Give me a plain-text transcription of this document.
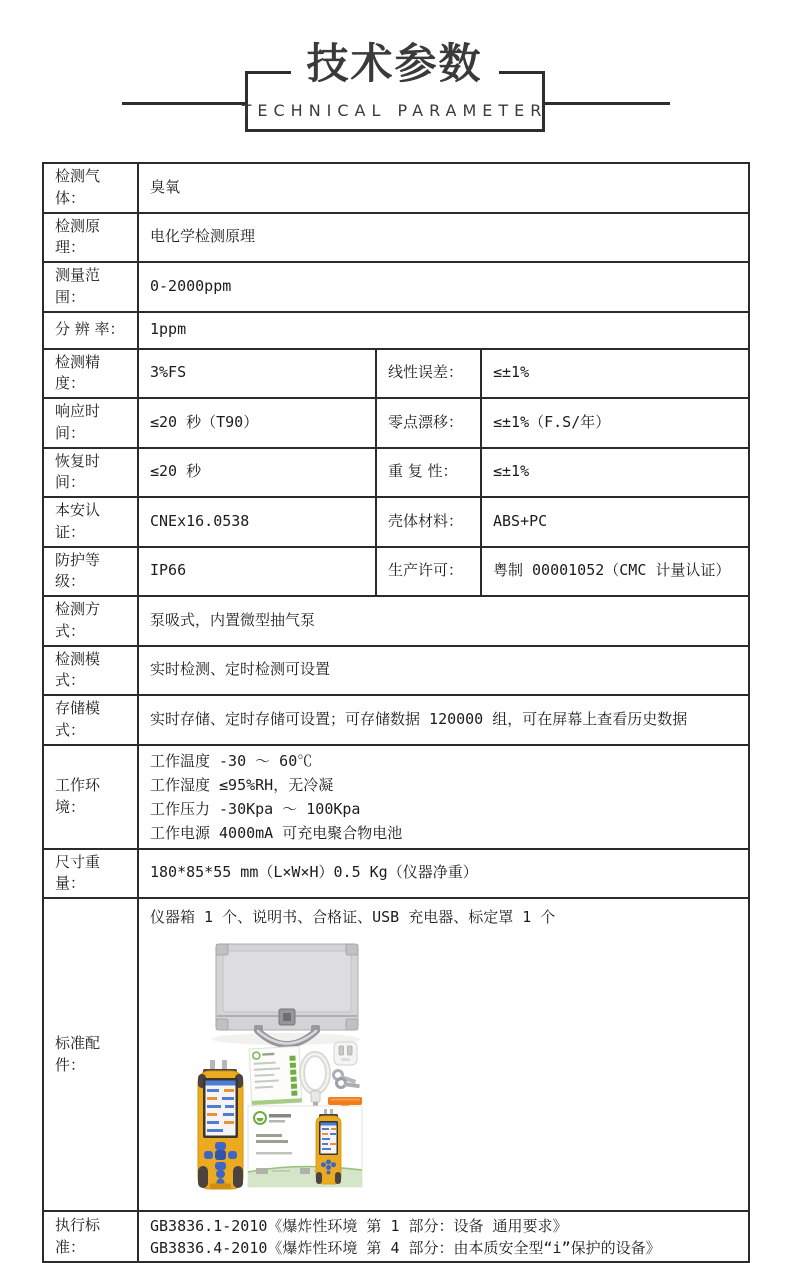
技术参数
TECHNICAL PARAMETER
检测气体：	臭氧		
检测原理：	电化学检测原理		
测量范围：	0-2000ppm		
分 辨 率：	1ppm		
检测精度：	3%FS	线性误差：	≤±1%
响应时间：	≤20 秒（T90）	零点漂移：	≤±1%（F.S/年）
恢复时间：	≤20 秒	重 复 性：	≤±1%
本安认证：	CNEx16.0538	壳体材料：	ABS+PC
防护等级：	IP66	生产许可：	粤制 00001052（CMC 计量认证）
检测方式：	泵吸式，内置微型抽气泵		
检测模式：	实时检测、定时检测可设置		
存储模式：	实时存储、定时存储可设置；可存储数据 120000 组，可在屏幕上查看历史数据		
工作环境：	工作温度 -30 ～ 60℃
工作湿度 ≤95%RH，无冷凝
工作压力 -30Kpa ～ 100Kpa
工作电源 4000mA 可充电聚合物电池		

尺寸重量：	180*85*55 mm（L×W×H）0.5 Kg（仪器净重）		
标准配件：	仪器箱 1 个、说明书、合格证、USB 充电器、标定罩 1 个		

执行标准：	GB3836.1-2010《爆炸性环境 第 1 部分：设备 通用要求》
GB3836.4-2010《爆炸性环境 第 4 部分：由本质安全型“i”保护的设备》		
